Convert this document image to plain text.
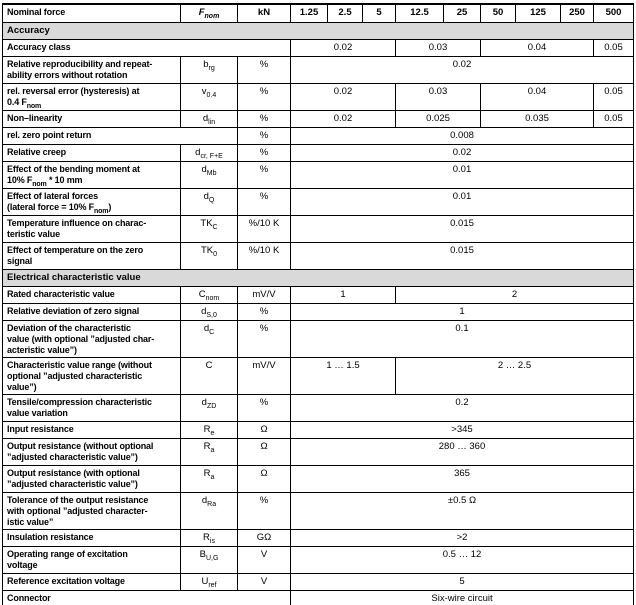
Nominal force	$F_{nom}$	kN	1.25	2.5	5	12.5	25	50	125	250	500
Accuracy											
Accuracy class			0.02			0.03		0.04			0.05
Relative reproducibility and repeat-
ability errors without rotation	$b_{rg}$	%	0.02								
rel. reversal error (hysteresis) at
0.4 $F_{nom}$	$v_{0.4}$	%	0.02			0.03		0.04			0.05
Non–linearity	$d_{lin}$	%	0.02			0.025		0.035			0.05
rel. zero point return		%	0.008								
Relative creep	$d_{cr, F+E}$	%	0.02								
Effect of the bending moment at
10% $F_{nom} * 10$ mm	$d_{Mb}$	%	0.01								
Effect of lateral forces
(lateral force = 10% $F_{nom}$)	$d_Q$	%	0.01								
Temperature influence on charac-
teristic value	$TK_C$	%/10 K	0.015								
Effect of temperature on the zero
signal	$TK_0$	%/10 K	0.015								
Electrical characteristic value											
Rated characteristic value	$C_{nom}$	mV/V	1			2					
Relative deviation of zero signal	$d_{S,0}$	%	1								
Deviation of the characteristic
value (with optional ”adjusted char-
acteristic value”)	$d_C$	%	0.1								
Characteristic value range (without
optional ”adjusted characteristic
value”)	C	mV/V	1 … 1.5			2 … 2.5					
Tensile/compression characteristic
value variation	$d_{ZD}$	%	0.2								
Input resistance	$R_e$	Ω	>345								
Output resistance (without optional
”adjusted characteristic value”)	$R_a$	Ω	280 … 360								
Output resistance (with optional
”adjusted characteristic value”)	$R_a$	Ω	365								
Tolerance of the output resistance
with optional ”adjusted character-
istic value”	$d_{Ra}$	%	±0.5 Ω								
Insulation resistance	$R_{is}$	GΩ	>2								
Operating range of excitation
voltage	$B_{U,G}$	V	0.5 … 12								
Reference excitation voltage	$U_{ref}$	V	5								
Connector			Six-wire circuit								
